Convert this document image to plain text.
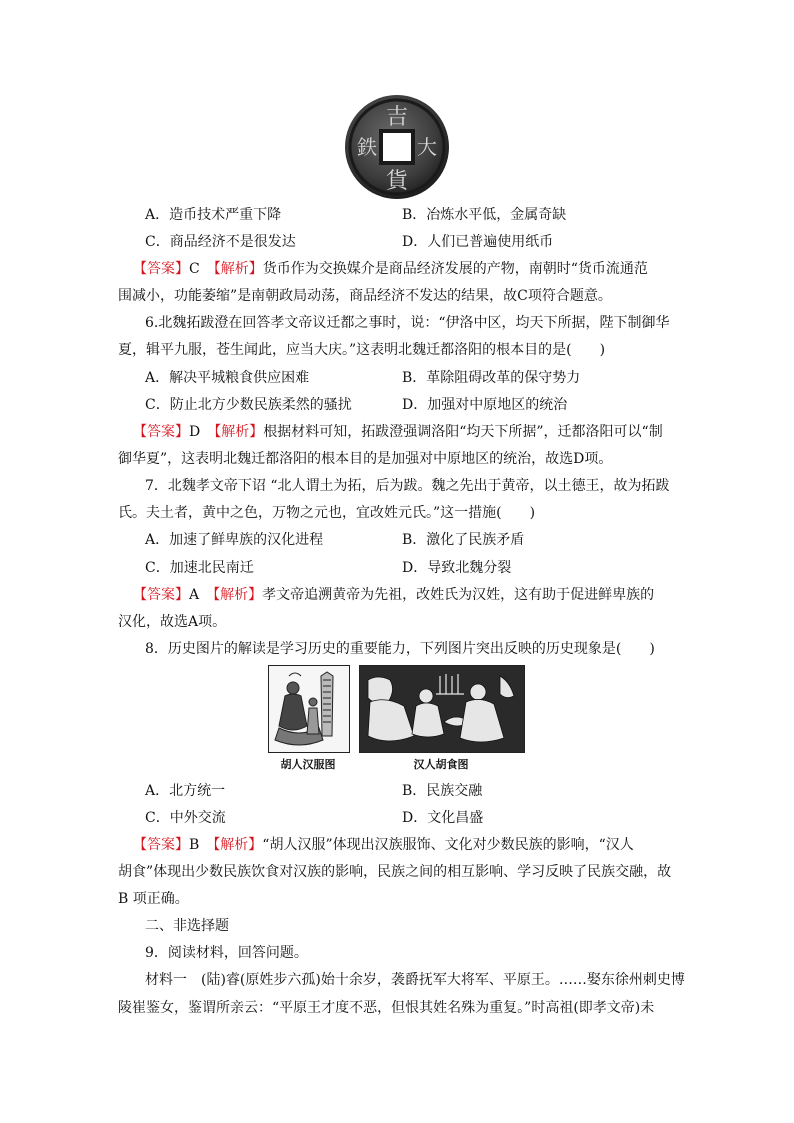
吉
大
貨
鉄
A．造币技术严重下降	B．冶炼水平低，金属奇缺
C．商品经济不是很发达	D．人们已普遍使用纸币
【答案】C　 【解析】货币作为交换媒介是商品经济发展的产物，南朝时“货币流通范
围减小，功能萎缩”是南朝政局动荡，商品经济不发达的结果，故C项符合题意。
6.北魏拓跋澄在回答孝文帝议迁都之事时，说：“伊洛中区，均天下所据，陛下制御华
夏，辑平九服，苍生闻此，应当大庆。”这表明北魏迁都洛阳的根本目的是(　　)
A．解决平城粮食供应困难	B．革除阻碍改革的保守势力
C．防止北方少数民族柔然的骚扰	D．加强对中原地区的统治
【答案】D　 【解析】根据材料可知，拓跋澄强调洛阳“均天下所据”，迁都洛阳可以“制
御华夏”，这表明北魏迁都洛阳的根本目的是加强对中原地区的统治，故选D项。
7．北魏孝文帝下诏 “北人谓土为拓，后为跋。魏之先出于黄帝，以土德王，故为拓跋
氏。夫土者，黄中之色，万物之元也，宜改姓元氏。”这一措施(　　)
A．加速了鲜卑族的汉化进程	B．激化了民族矛盾
C．加速北民南迁	D．导致北魏分裂
【答案】A　 【解析】孝文帝追溯黄帝为先祖，改姓氏为汉姓，这有助于促进鲜卑族的
汉化，故选A项。
8．历史图片的解读是学习历史的重要能力，下列图片突出反映的历史现象是(　　)
胡人汉服图	汉人胡食图
A．北方统一	B．民族交融
C．中外交流	D．文化昌盛
【答案】B　 【解析】“胡人汉服”体现出汉族服饰、文化对少数民族的影响，“汉人
胡食”体现出少数民族饮食对汉族的影响，民族之间的相互影响、学习反映了民族交融，故
B 项正确。
二、非选择题
9．阅读材料，回答问题。
材料一　(陆)睿(原姓步六孤)始十余岁，袭爵抚军大将军、平原王。……娶东徐州刺史博
陵崔鉴女，鉴谓所亲云：“平原王才度不恶，但恨其姓名殊为重复。”时高祖(即孝文帝)未
